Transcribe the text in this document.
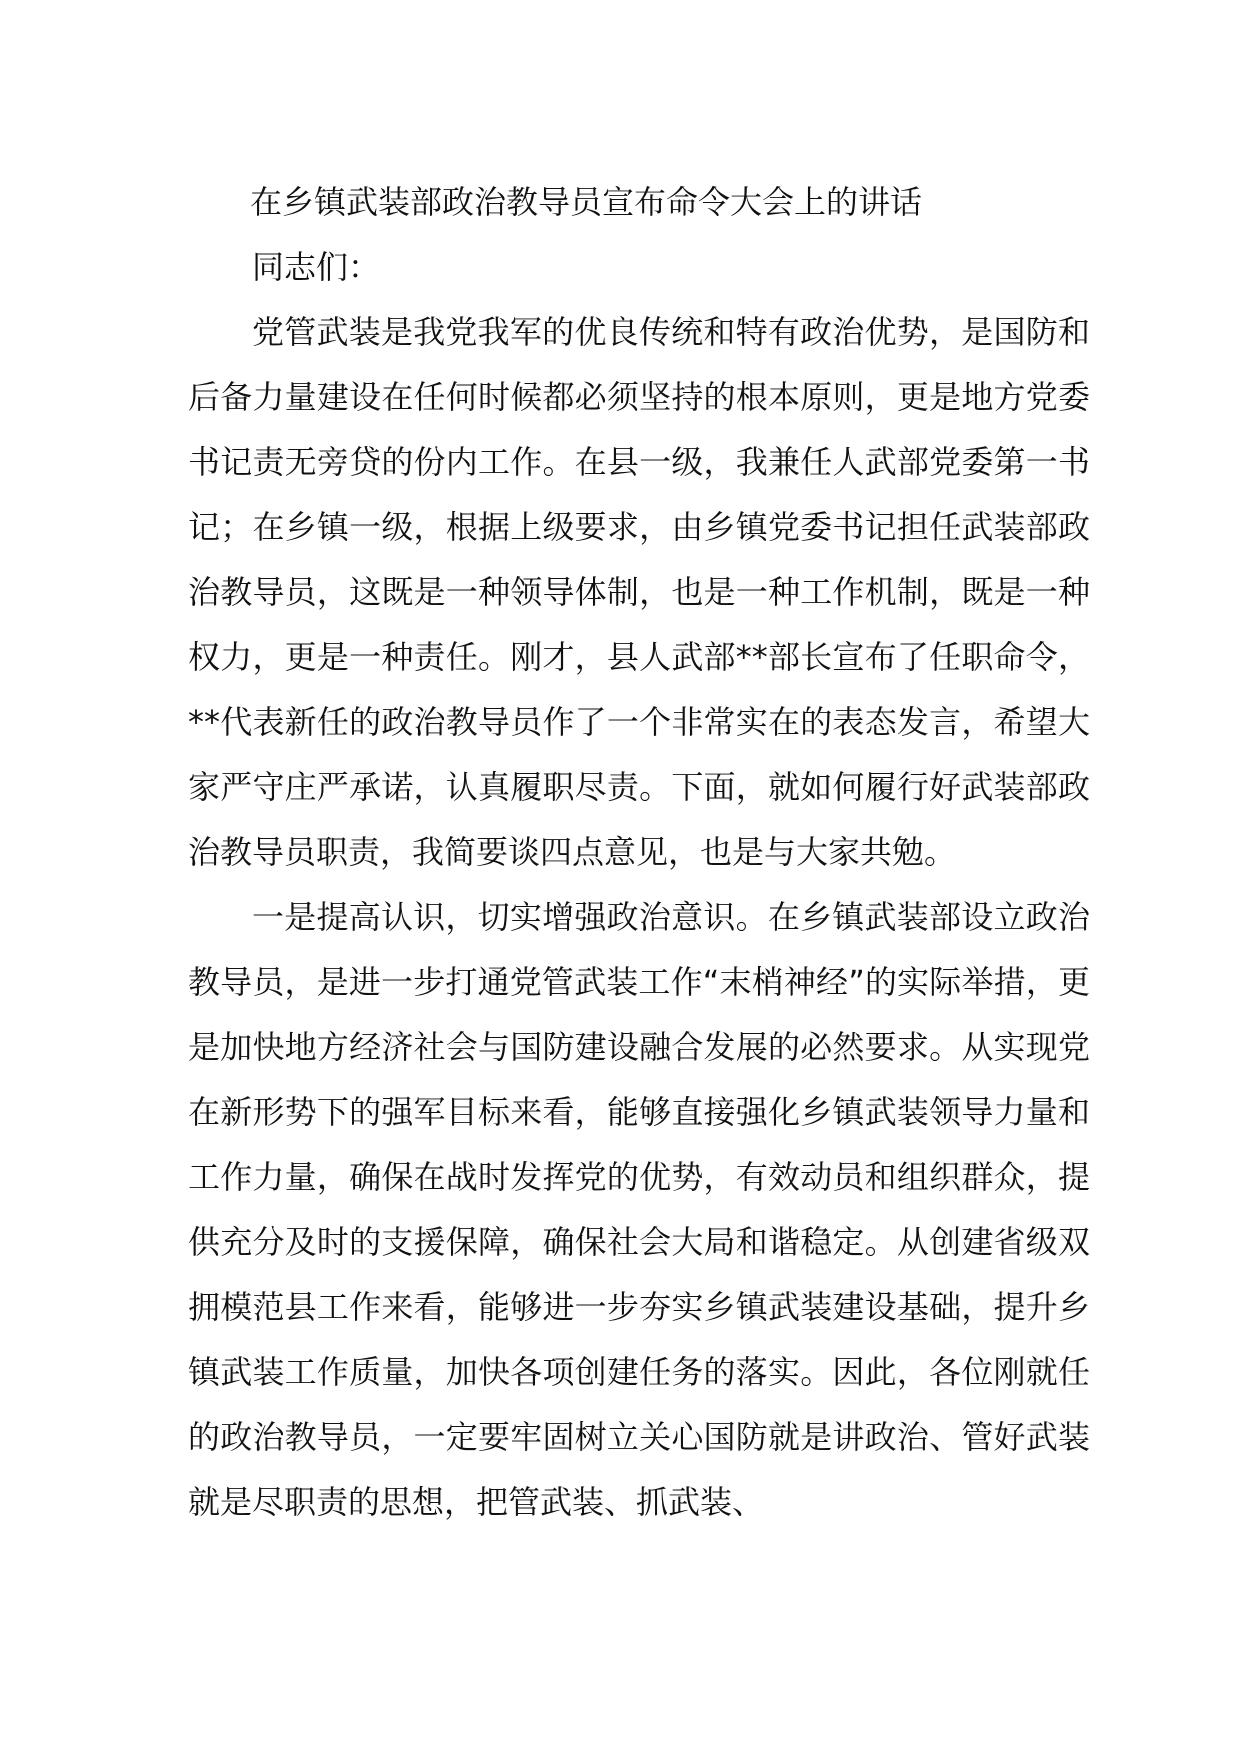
在乡镇武装部政治教导员宣布命令大会上的讲话

同志们：

党管武装是我党我军的优良传统和特有政治优势，是国防和后备力量建设在任何时候都必须坚持的根本原则，更是地方党委书记责无旁贷的份内工作。在县一级，我兼任人武部党委第一书记；在乡镇一级，根据上级要求，由乡镇党委书记担任武装部政治教导员，这既是一种领导体制，也是一种工作机制，既是一种权力，更是一种责任。刚才，县人武部**部长宣布了任职命令，**代表新任的政治教导员作了一个非常实在的表态发言，希望大家严守庄严承诺，认真履职尽责。下面，就如何履行好武装部政治教导员职责，我简要谈四点意见，也是与大家共勉。

一是提高认识，切实增强政治意识。在乡镇武装部设立政治教导员，是进一步打通党管武装工作“末梢神经”的实际举措，更是加快地方经济社会与国防建设融合发展的必然要求。从实现党在新形势下的强军目标来看，能够直接强化乡镇武装领导力量和工作力量，确保在战时发挥党的优势，有效动员和组织群众，提供充分及时的支援保障，确保社会大局和谐稳定。从创建省级双拥模范县工作来看，能够进一步夯实乡镇武装建设基础，提升乡镇武装工作质量，加快各项创建任务的落实。因此，各位刚就任的政治教导员，一定要牢固树立关心国防就是讲政治、管好武装就是尽职责的思想，把管武装、抓武装、
